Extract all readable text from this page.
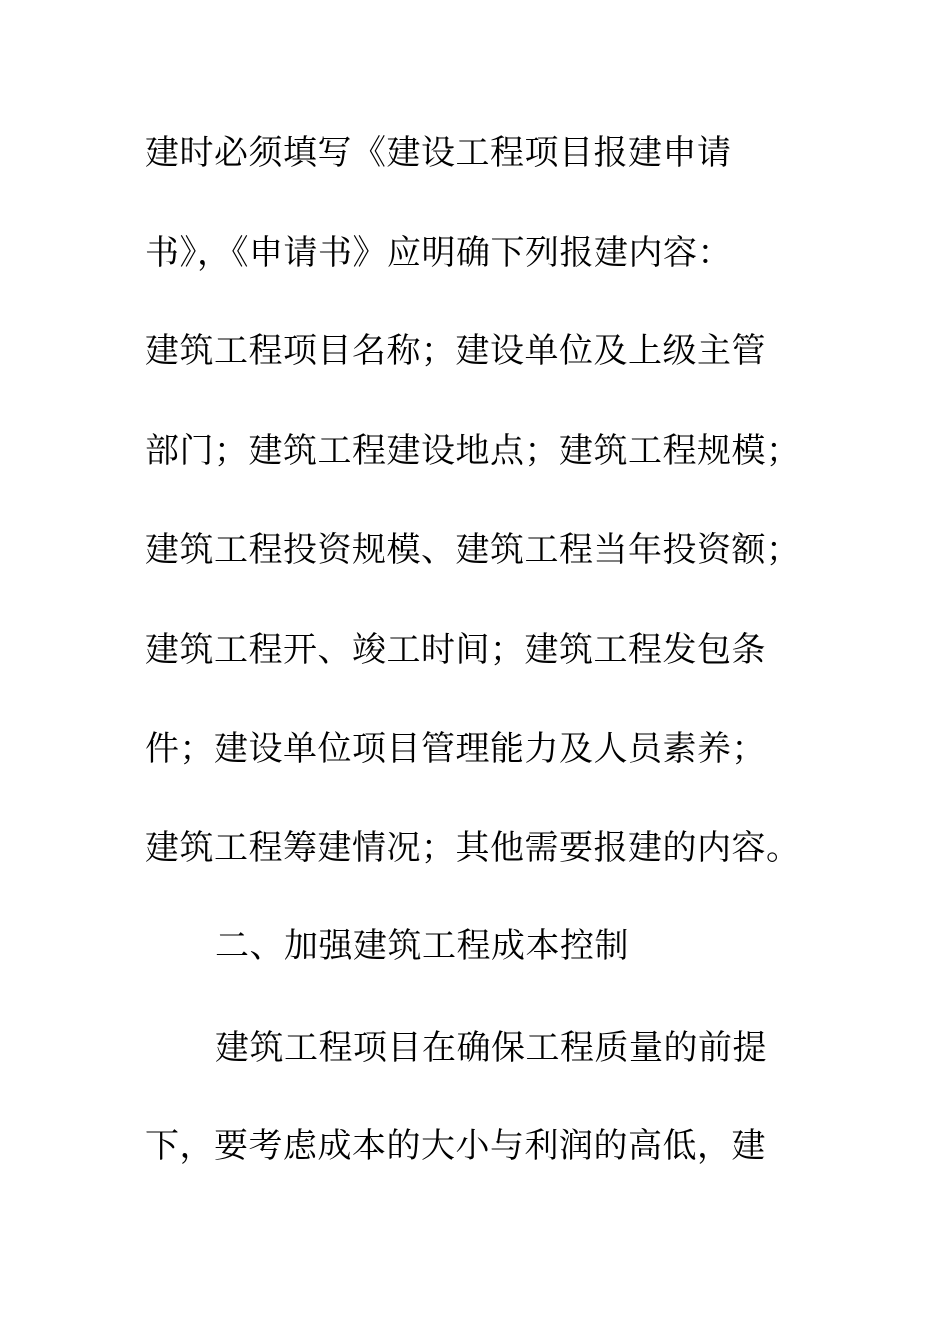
建时必须填写《建设工程项目报建申请
书》，《申请书》应明确下列报建内容：
建筑工程项目名称；建设单位及上级主管
部门；建筑工程建设地点；建筑工程规模；
建筑工程投资规模、建筑工程当年投资额；
建筑工程开、竣工时间；建筑工程发包条
件；建设单位项目管理能力及人员素养；
建筑工程筹建情况；其他需要报建的内容。
二、加强建筑工程成本控制
建筑工程项目在确保工程质量的前提
下，要考虑成本的大小与利润的高低，建
